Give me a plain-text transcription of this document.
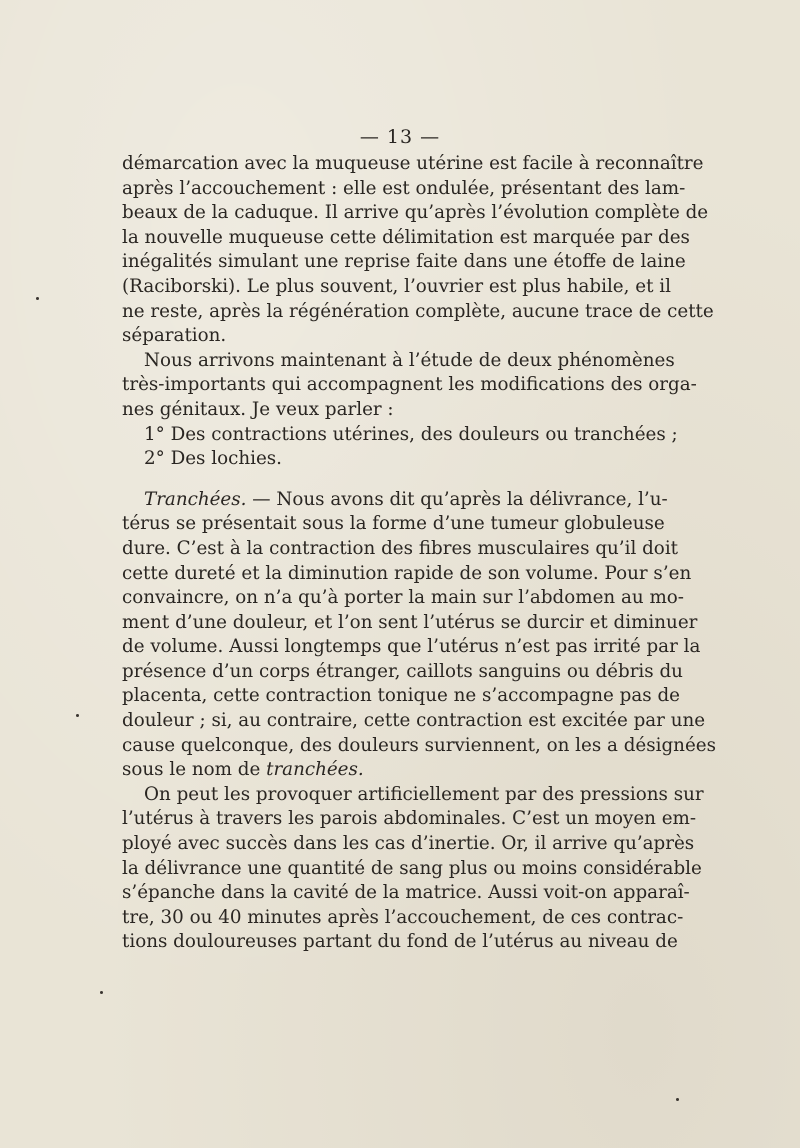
— 13 —
démarcation avec la muqueuse utérine est facile à reconnaître
après l’accouchement : elle est ondulée, présentant des lam-
beaux de la caduque. Il arrive qu’après l’évolution complète de
la nouvelle muqueuse cette délimitation est marquée par des
inégalités simulant une reprise faite dans une étoffe de laine
(Raciborski). Le plus souvent, l’ouvrier est plus habile, et il
ne reste, après la régénération complète, aucune trace de cette
séparation.
Nous arrivons maintenant à l’étude de deux phénomènes
très-importants qui accompagnent les modifications des orga-
nes génitaux. Je veux parler :
1° Des contractions utérines, des douleurs ou tranchées ;
2° Des lochies.
Tranchées. — Nous avons dit qu’après la délivrance, l’u-
térus se présentait sous la forme d’une tumeur globuleuse
dure. C’est à la contraction des fibres musculaires qu’il doit
cette dureté et la diminution rapide de son volume. Pour s’en
convaincre, on n’a qu’à porter la main sur l’abdomen au mo-
ment d’une douleur, et l’on sent l’utérus se durcir et diminuer
de volume. Aussi longtemps que l’utérus n’est pas irrité par la
présence d’un corps étranger, caillots sanguins ou débris du
placenta, cette contraction tonique ne s’accompagne pas de
douleur ; si, au contraire, cette contraction est excitée par une
cause quelconque, des douleurs surviennent, on les a désignées
sous le nom de tranchées.
On peut les provoquer artificiellement par des pressions sur
l’utérus à travers les parois abdominales. C’est un moyen em-
ployé avec succès dans les cas d’inertie. Or, il arrive qu’après
la délivrance une quantité de sang plus ou moins considérable
s’épanche dans la cavité de la matrice. Aussi voit-on apparaî-
tre, 30 ou 40 minutes après l’accouchement, de ces contrac-
tions douloureuses partant du fond de l’utérus au niveau de
